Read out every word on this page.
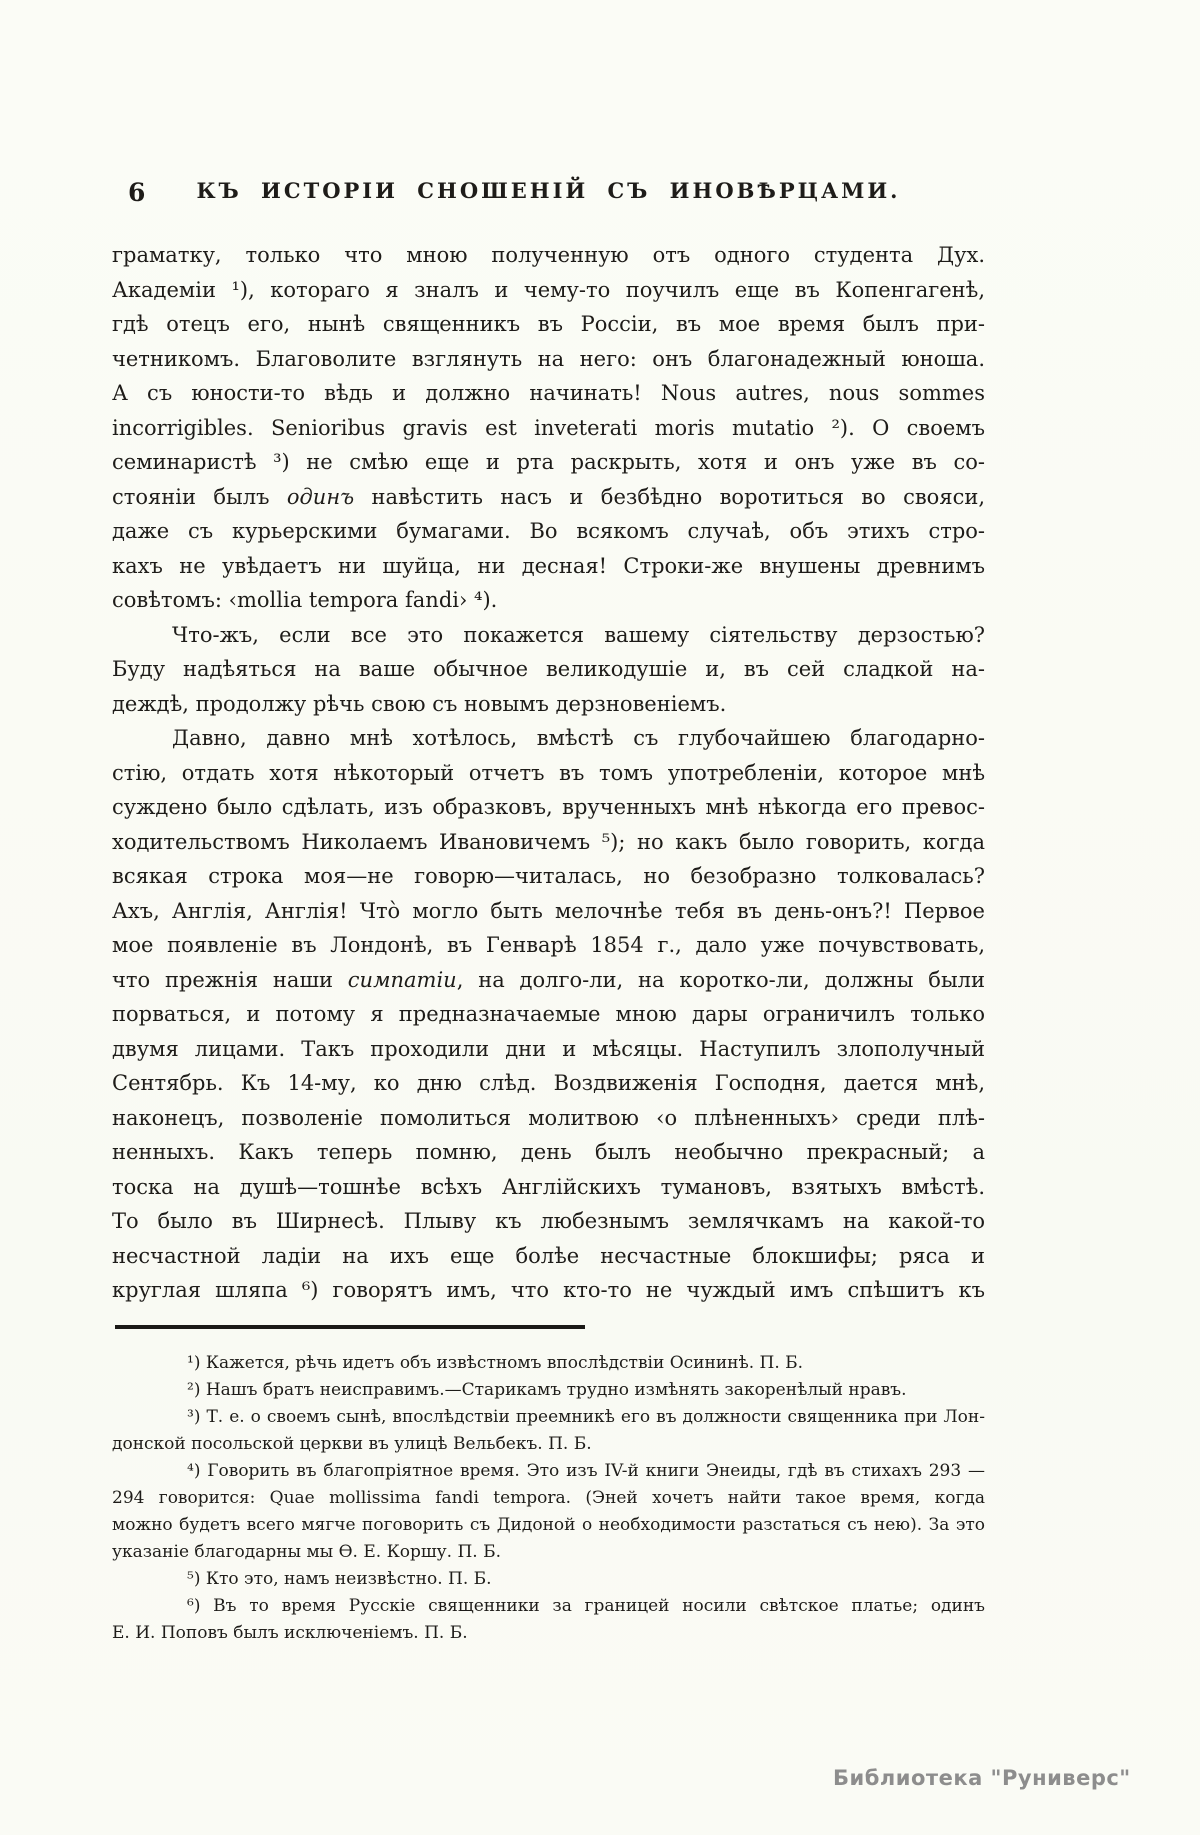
6	КЪ ИСТОРІИ СНОШЕНІЙ СЪ ИНОВѢРЦАМИ.
граматку, только что мною полученную отъ одного студента Дух.
Академіи ¹), котораго я зналъ и чему-то поучилъ еще въ Копенгагенѣ,
гдѣ отецъ его, нынѣ священникъ въ Россіи, въ мое время былъ при-
четникомъ. Благоволите взглянуть на него: онъ благонадежный юноша.
А съ юности-то вѣдь и должно начинать! Nous autres, nous sommes
incorrigibles. Senioribus gravis est inveterati moris mutatio ²). О своемъ
семинаристѣ ³) не смѣю еще и рта раскрыть, хотя и онъ уже въ со-
стояніи былъ одинъ навѣстить насъ и безбѣдно воротиться во свояси,
даже съ курьерскими бумагами. Во всякомъ случаѣ, объ этихъ стро-
кахъ не увѣдаетъ ни шуйца, ни десная! Строки-же внушены древнимъ
совѣтомъ: ‹mollia tempora fandi› ⁴).
Что-жъ, если все это покажется вашему сіятельству дерзостью?
Буду надѣяться на ваше обычное великодушіе и, въ сей сладкой на-
деждѣ, продолжу рѣчь свою съ новымъ дерзновеніемъ.
Давно, давно мнѣ хотѣлось, вмѣстѣ съ глубочайшею благодарно-
стію, отдать хотя нѣкоторый отчетъ въ томъ употребленіи, которое мнѣ
суждено было сдѣлать, изъ образковъ, врученныхъ мнѣ нѣкогда его превос-
ходительствомъ Николаемъ Ивановичемъ ⁵); но какъ было говорить, когда
всякая строка моя—не говорю—читалась, но безобразно толковалась?
Ахъ, Англія, Англія! Что̀ могло быть мелочнѣе тебя въ день-онъ?! Первое
мое появленіе въ Лондонѣ, въ Генварѣ 1854 г., дало уже почувствовать,
что прежнія наши симпатіи, на долго-ли, на коротко-ли, должны были
порваться, и потому я предназначаемые мною дары ограничилъ только
двумя лицами. Такъ проходили дни и мѣсяцы. Наступилъ злополучный
Сентябрь. Къ 14-му, ко дню слѣд. Воздвиженія Господня, дается мнѣ,
наконецъ, позволеніе помолиться молитвою ‹о плѣненныхъ› среди плѣ-
ненныхъ. Какъ теперь помню, день былъ необычно прекрасный; а
тоска на душѣ—тошнѣе всѣхъ Англійскихъ тумановъ, взятыхъ вмѣстѣ.
То было въ Ширнесѣ. Плыву къ любезнымъ землячкамъ на какой-то
несчастной ладіи на ихъ еще болѣе несчастные блокшифы; ряса и
круглая шляпа ⁶) говорятъ имъ, что кто-то не чуждый имъ спѣшитъ къ
¹) Кажется, рѣчь идетъ объ извѣстномъ впослѣдствіи Осининѣ. П. Б.
²) Нашъ братъ неисправимъ.—Старикамъ трудно измѣнять закоренѣлый нравъ.
³) Т. е. о своемъ сынѣ, впослѣдствіи преемникѣ его въ должности священника при Лон-
донской посольской церкви въ улицѣ Вельбекъ. П. Б.
⁴) Говорить въ благопріятное время. Это изъ IV-й книги Энеиды, гдѣ въ стихахъ 293 —
294 говорится: Quae mollissima fandi tempora. (Эней хочетъ найти такое время, когда
можно будетъ всего мягче поговорить съ Дидоной о необходимости разстаться съ нею). За это
указаніе благодарны мы Ѳ. Е. Коршу. П. Б.
⁵) Кто это, намъ неизвѣстно. П. Б.
⁶) Въ то время Русскіе священники за границей носили свѣтское платье; одинъ
Е. И. Поповъ былъ исключеніемъ. П. Б.
Библиотека "Руниверс"
